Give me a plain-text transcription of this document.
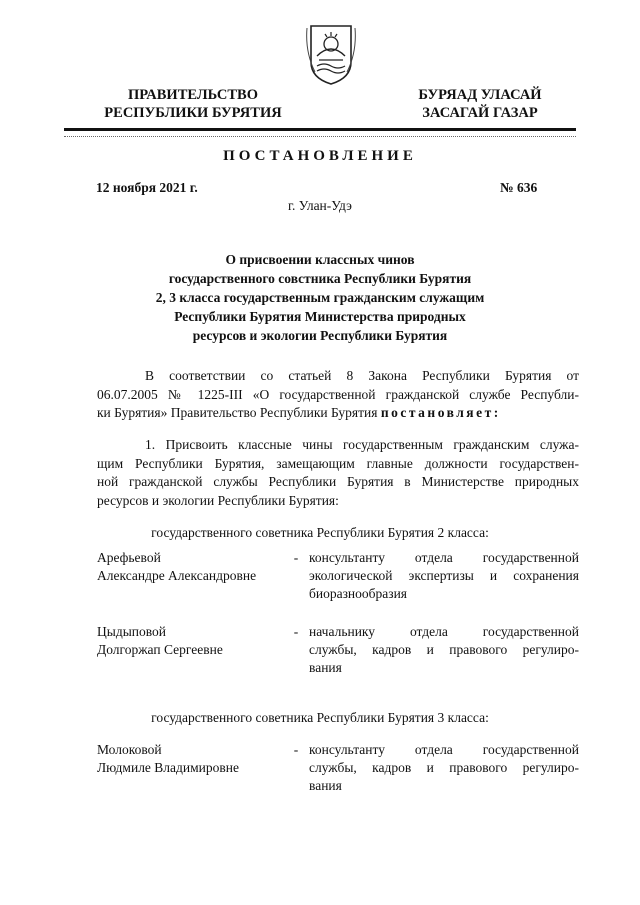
ПРАВИТЕЛЬСТВО
РЕСПУБЛИКИ БУРЯТИЯ
БУРЯАД УЛАСАЙ
ЗАСАГАЙ ГАЗАР
ПОСТАНОВЛЕНИЕ
12 ноября 2021 г.	№ 636
г. Улан-Удэ
О присвоении классных чинов
государственного совстника Республики Бурятия
2, 3 класса государственным гражданским служащим
Республики Бурятия Министерства природных
ресурсов и экологии Республики Бурятия
В соответствии со статьей 8 Закона Республики Бурятия от
06.07.2005 № 1225-III «О государственной гражданской службе Республи-
ки Бурятия» Правительство Республики Бурятия постановляет:
1. Присвоить классные чины государственным гражданским служа-
щим Республики Бурятия, замещающим главные должности государствен-
ной гражданской службы Республики Бурятия в Министерстве природных
ресурсов и экологии Республики Бурятия:
государственного советника Республики Бурятия 2 класса:
Арефьевой
Александре Александровне
- консультанту отдела государственной
экологической экспертизы и сохранения
биоразнообразия
Цыдыповой
Долгоржап Сергеевне
- начальнику отдела государственной
службы, кадров и правового регулиро-
вания
государственного советника Республики Бурятия 3 класса:
Молоковой
Людмиле Владимировне
- консультанту отдела государственной
службы, кадров и правового регулиро-
вания
